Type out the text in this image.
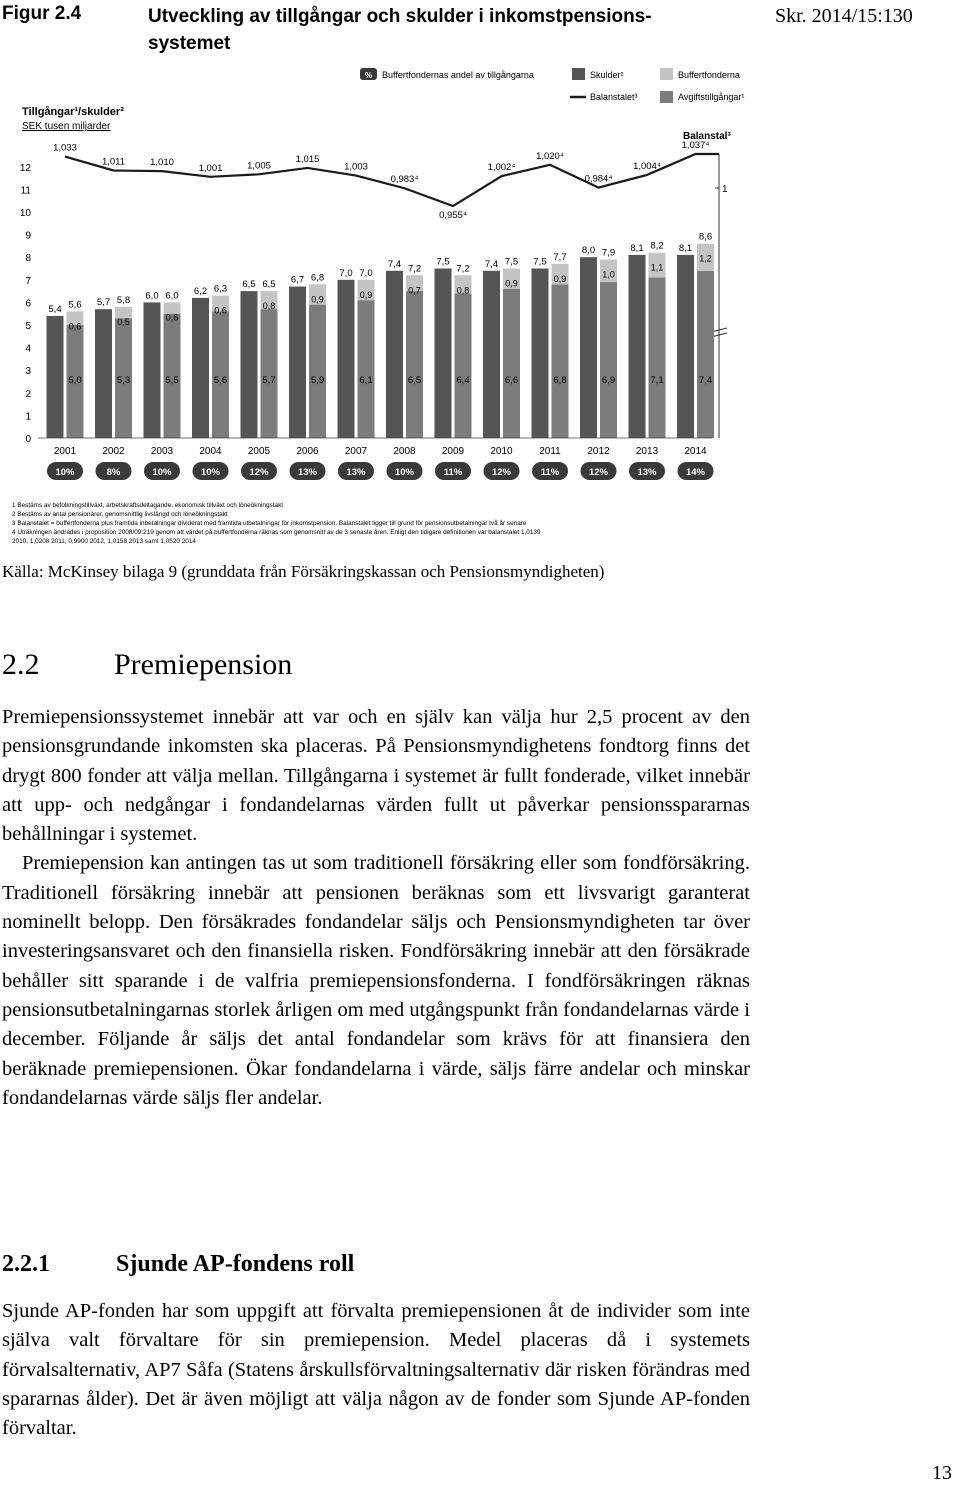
Figur 2.4	Utveckling av tillgångar och skulder i inkomstpensions-systemet
Skr. 2014/15:130
% Buffertfondernas andel av tillgångarna	Skulder²	Buffertfonderna
Balanstalet³	Avgiftstillgångar¹
Tillgångar¹/skulder²
SEK tusen miljarder
0
1
2
3
4
5
6
7
8
9
10
11
12
Balanstal³
1
5,4
5,0
0,6
5,6
2001
10%
1,033
5,7
5,3
0,5
5,8
2002
8%
1,011
6,0
5,5
0,6
6,0
2003
10%
1,010
6,2
5,6
0,6
6,3
2004
10%
1,001
6,5
5,7
0,8
6,5
2005
12%
1,005
6,7
5,9
0,9
6,8
2006
13%
1,015
7,0
6,1
0,9
7,0
2007
13%
1,003
7,4
6,5
0,7
7,2
2008
10%
0,983⁴
7,5
6,4
0,8
7,2
2009
11%
0,955⁴
7,4
6,6
0,9
7,5
2010
12%
1,002⁴
7,5
6,8
0,9
7,7
2011
11%
1,020⁴
8,0
6,9
1,0
7,9
2012
12%
0,984⁴
8,1
7,1
1,1
8,2
2013
13%
1,004⁴
8,1
7,4
1,2
8,6
2014
14%
1,037⁴
1 Bestäms av befolkningstillväxt, arbetskraftsdeltagande, ekonomisk tillväxt och löneökningstakt
2 Bestäms av antal pensionärer, genomsnittlig livslängd och löneökningstakt
3 Balanstalet = buffertfonderna plus framtida inbetalningar dividerat med framtida utbetalningar för inkomstpension. Balanstalet ligger till grund för pensionsutbetalningar två år senare
4 Uträkningen ändrades i proposition 2008/09:219 genom att värdet på buffertfonderna räknas som genomsnitt av de 3 senaste åren. Enligt den tidigare definitionen var balanstalet 1,0139
2010, 1,0208 2011, 0,9900 2012, 1,0158 2013 samt 1,0520 2014
Källa: McKinsey bilaga 9 (grunddata från Försäkringskassan och Pensionsmyndigheten)
2.2 Premiepension

Premiepensionssystemet innebär att var och en själv kan välja hur 2,5 procent av den pensionsgrundande inkomsten ska placeras. På Pensionsmyndighetens fondtorg finns det drygt 800 fonder att välja mellan. Tillgångarna i systemet är fullt fonderade, vilket innebär att upp- och nedgångar i fondandelarnas värden fullt ut påverkar pensionsspararnas behållningar i systemet.

Premiepension kan antingen tas ut som traditionell försäkring eller som fondförsäkring. Traditionell försäkring innebär att pensionen beräknas som ett livsvarigt garanterat nominellt belopp. Den försäkrades fondandelar säljs och Pensionsmyndigheten tar över investeringsansvaret och den finansiella risken. Fondförsäkring innebär att den försäkrade behåller sitt sparande i de valfria premiepensionsfonderna. I fondförsäkringen räknas pensionsutbetalningarnas storlek årligen om med utgångspunkt från fondandelarnas värde i december. Följande år säljs det antal fondandelar som krävs för att finansiera den beräknade premiepensionen. Ökar fondandelarna i värde, säljs färre andelar och minskar fondandelarnas värde säljs fler andelar.

2.2.1	Sjunde AP-fondens roll

Sjunde AP-fonden har som uppgift att förvalta premiepensionen åt de individer som inte själva valt förvaltare för sin premiepension. Medel placeras då i systemets förvalsalternativ, AP7 Såfa (Statens årskullsförvaltningsalternativ där risken förändras med spararnas ålder). Det är även möjligt att välja någon av de fonder som Sjunde AP-fonden förvaltar.

13
